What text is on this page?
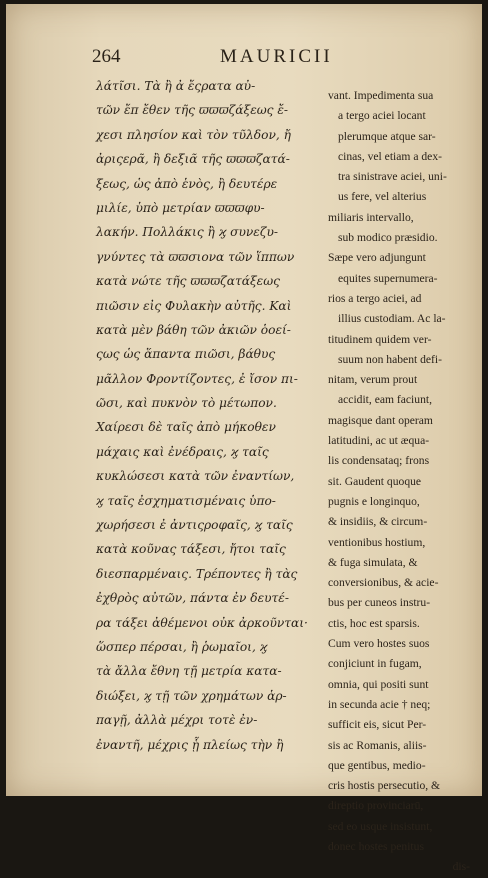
264	MAURICII
λάτῖσι. Τὰ ἢ ἀ ἔςρατα αὐ-
τῶν ἔπ ἔθεν τῆς ϖϖϖζάξεως ἔ-
χεσι πλησίον καὶ τὸν τῦλδον, ἤ
ἀριςερᾶ, ἢ δεξιᾶ τῆς ϖϖϖζατά-
ξεως, ὡς ἀπὸ ἑνὸς, ἢ δευτέρε
μιλίε, ὑπὸ μετρίαν ϖϖϖφυ-
λακήν. Πολλάκις ἢ ϗ συνεζυ-
γνύντες τὰ ϖϖσιονα τῶν ἵππων
κατὰ νώτε τῆς ϖϖϖζατάξεως
πιῶσιν εἰς Φυλακὴν αὐτῆς. Καὶ
κατὰ μὲν βάθη τῶν ἀκιῶν ὁοεί-
ςως ὡς ἅπαντα πιῶσι, βάθυς
μᾶλλον Φροντίζοντες, ἐ ἴσον πι-
ῶσι, καὶ πυκνὸν τὸ μέτωπον.
Χαίρεσι δὲ ταῖς ἀπὸ μήκοθεν
μάχαις καὶ ἐνέδραις, ϗ ταῖς
κυκλώσεσι κατὰ τῶν ἐναντίων,
ϗ ταῖς ἐσχηματισμέναις ὑπο-
χωρήσεσι ἐ ἀντιςροφαῖς, ϗ ταῖς
κατὰ κοῦνας τάξεσι, ἤτοι ταῖς
διεσπαρμέναις. Τρέποντες ἢ τὰς
ἐχθρὸς αὐτῶν, πάντα ἐν δευτέ-
ρα τάξει ἀθέμενοι οὐκ ἀρκοῦνται·
ὥσπερ πέρσαι, ἢ ῥωμαῖοι, ϗ
τὰ ἄλλα ἔθνη τῇ μετρία κατα-
διώξει, ϗ τῇ τῶν χρημάτων ἁρ-
παγῇ, ἀλλὰ μέχρι τοτὲ ἐν-
ἐναντῆ, μέχρις ᾗ πλείως τὴν ἢ
vant. Impedimenta sua
a tergo aciei locant
plerumque atque sar-
cinas, vel etiam a dex-
tra sinistrave aciei, uni-
us fere, vel alterius
miliaris intervallo,
sub modico præsidio.
Sæpe vero adjungunt
equites supernumera-
rios a tergo aciei, ad
illius custodiam. Ac la-
titudinem quidem ver-
suum non habent defi-
nitam, verum prout
accidit, eam faciunt,
magisque dant operam
latitudini, ac ut æqua-
lis condensataq; frons
sit. Gaudent quoque
pugnis e longinquo,
& insidiis, & circum-
ventionibus hostium,
& fuga simulata, &
conversionibus, & acie-
bus per cuneos instru-
ctis, hoc est sparsis.
Cum vero hostes suos
conjiciunt in fugam,
omnia, qui positi sunt
in secunda acie † neq;
sufficit eis, sicut Per-
sis ac Romanis, aliis-
que gentibus, medio-
cris hostis persecutio, &
direptio provinciarū,
sed eo usque insistunt,
donec hostes penitus
dis-
